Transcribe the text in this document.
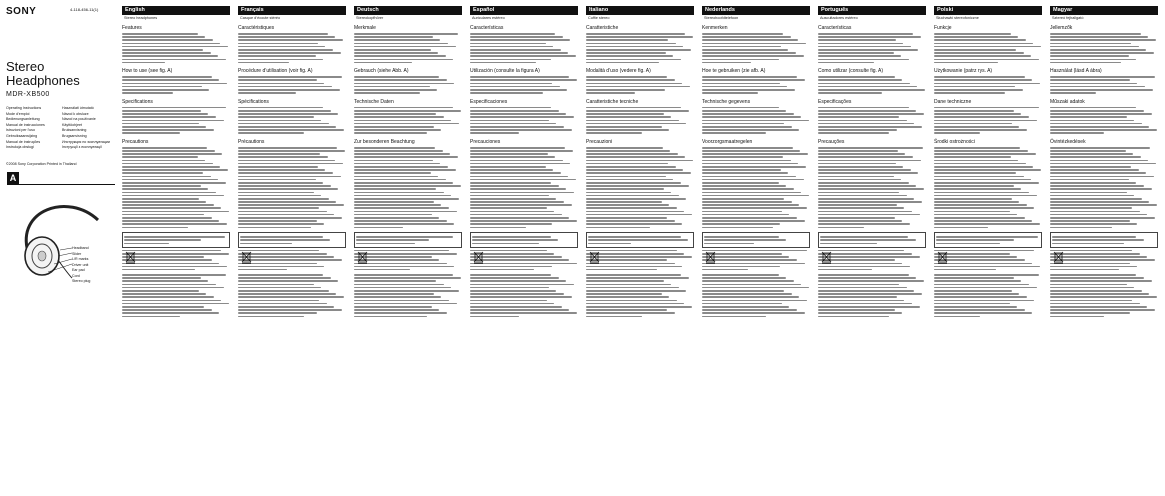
SONY	4-118-456-11(1)
Stereo
Headphones
MDR-XB500
Operating Instructions
Mode d’emploi
Bedienungsanleitung
Manual de instrucciones
Istruzioni per l’uso
Gebruiksaanwijzing
Manual de instruções
Instrukcja obsługi
Használati útmutató
Návod k obsluze
Návod na používanie
Käyttöohjeet
Bruksanvisning
Brugsanvisning
Инструкция по эксплуатации
Інструкції з експлуатації
©2008 Sony Corporation Printed in Thailand
A
Headband
Slider
L/R marks
Driver unit
Ear pad
Cord
Stereo plug
English
Stereo headphones
Features
How to use (see fig. A)
Specifications
Precautions
Français
Casque d’écoute stéréo
Caractéristiques
Procédure d’utilisation (voir fig. A)
Spécifications
Précautions
Deutsch
Stereokopfhörer
Merkmale
Gebrauch (siehe Abb. A)
Technische Daten
Zur besonderen Beachtung
Español
Auriculares estéreo
Características
Utilización (consulte la figura A)
Especificaciones
Precauciones
Italiano
Cuffie stereo
Caratteristiche
Modalità d’uso (vedere fig. A)
Caratteristiche tecniche
Precauzioni
Nederlands
Stereohoofdtelefoon
Kenmerken
Hoe te gebruiken (zie afb. A)
Technische gegevens
Voorzorgsmaatregelen
Português
Auscultadores estéreo
Características
Como utilizar (consulte fig. A)
Especificações
Precauções
Polski
Słuchawki stereofoniczne
Funkcje
Użytkowanie (patrz rys. A)
Dane techniczne
Środki ostrożności
Magyar
Sztereó fejhallgató
Jellemzők
Használat (lásd A ábra)
Műszaki adatok
Óvintézkedések
